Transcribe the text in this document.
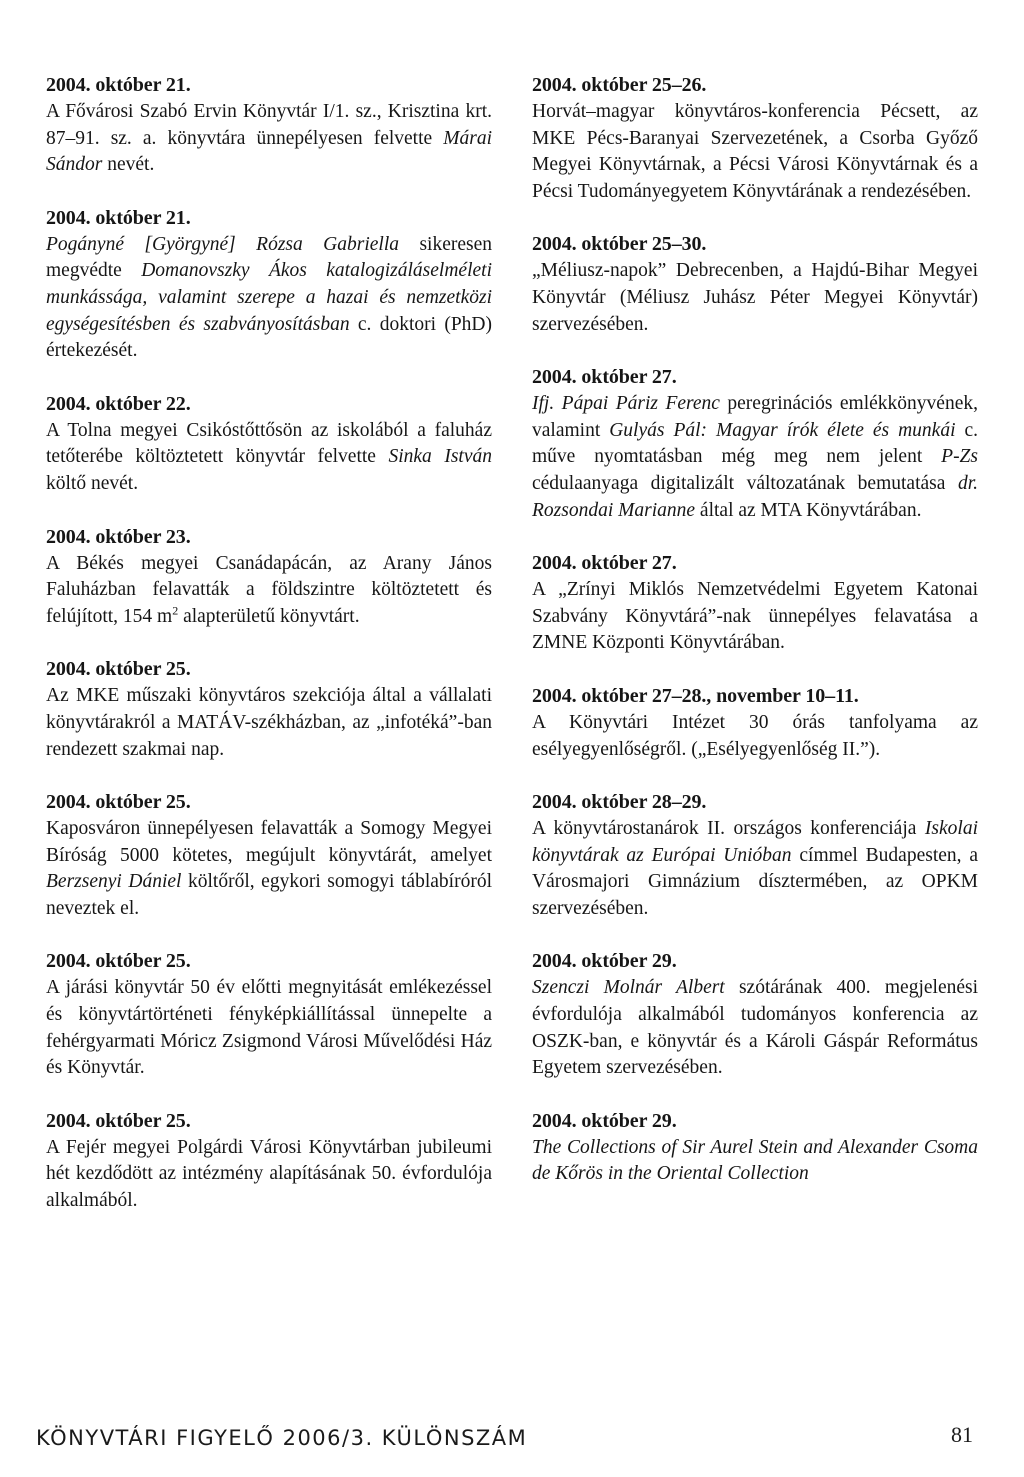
2004. október 21.
A Fővárosi Szabó Ervin Könyvtár I/1. sz., Krisztina krt. 87–91. sz. a. könyvtára ünnepélyesen felvette Márai Sándor nevét.
2004. október 21.
Pogányné [Györgyné] Rózsa Gabriella sikeresen megvédte Domanovszky Ákos katalogizáláselméleti munkássága, valamint szerepe a hazai és nemzetközi egységesítésben és szabványosításban c. doktori (PhD) értekezését.
2004. október 22.
A Tolna megyei Csikóstőttősön az iskolából a faluház tetőterébe költöztetett könyvtár felvette Sinka István költő nevét.
2004. október 23.
A Békés megyei Csanádapácán, az Arany János Faluházban felavatták a földszintre költöztetett és felújított, 154 $m^2$ alapterületű könyvtárt.
2004. október 25.
Az MKE műszaki könyvtáros szekciója által a vállalati könyvtárakról a MATÁV-székházban, az „infotéká”-ban rendezett szakmai nap.
2004. október 25.
Kaposváron ünnepélyesen felavatták a Somogy Megyei Bíróság 5000 kötetes, megújult könyvtárát, amelyet Berzsenyi Dániel költőről, egykori somogyi táblabíróról neveztek el.
2004. október 25.
A járási könyvtár 50 év előtti megnyitását emlékezéssel és könyvtártörténeti fényképkiállítással ünnepelte a fehérgyarmati Móricz Zsigmond Városi Művelődési Ház és Könyvtár.
2004. október 25.
A Fejér megyei Polgárdi Városi Könyvtárban jubileumi hét kezdődött az intézmény alapításának 50. évfordulója alkalmából.
2004. október 25–26.
Horvát–magyar könyvtáros-konferencia Pécsett, az MKE Pécs-Baranyai Szervezetének, a Csorba Győző Megyei Könyvtárnak, a Pécsi Városi Könyvtárnak és a Pécsi Tudományegyetem Könyvtárának a rendezésében.
2004. október 25–30.
„Méliusz-napok” Debrecenben, a Hajdú-Bihar Megyei Könyvtár (Méliusz Juhász Péter Megyei Könyvtár) szervezésében.
2004. október 27.
Ifj. Pápai Páriz Ferenc peregrinációs emlékkönyvének, valamint Gulyás Pál: Magyar írók élete és munkái c. műve nyomtatásban még meg nem jelent P-Zs cédulaanyaga digitalizált változatának bemutatása dr. Rozsondai Marianne által az MTA Könyvtárában.
2004. október 27.
A „Zrínyi Miklós Nemzetvédelmi Egyetem Katonai Szabvány Könyvtárá”-nak ünnepélyes felavatása a ZMNE Központi Könyvtárában.
2004. október 27–28., november 10–11.
A Könyvtári Intézet 30 órás tanfolyama az esélyegyenlőségről. („Esélyegyenlőség II.”).
2004. október 28–29.
A könyvtárostanárok II. országos konferenciája Iskolai könyvtárak az Európai Unióban címmel Budapesten, a Városmajori Gimnázium dísztermében, az OPKM szervezésében.
2004. október 29.
Szenczi Molnár Albert szótárának 400. megjelenési évfordulója alkalmából tudományos konferencia az OSZK-ban, e könyvtár és a Károli Gáspár Református Egyetem szervezésében.
2004. október 29.
The Collections of Sir Aurel Stein and Alexander Csoma de Kőrös in the Oriental Collection
KÖNYVTÁRI FIGYELŐ 2006/3. KÜLÖNSZÁM	81
